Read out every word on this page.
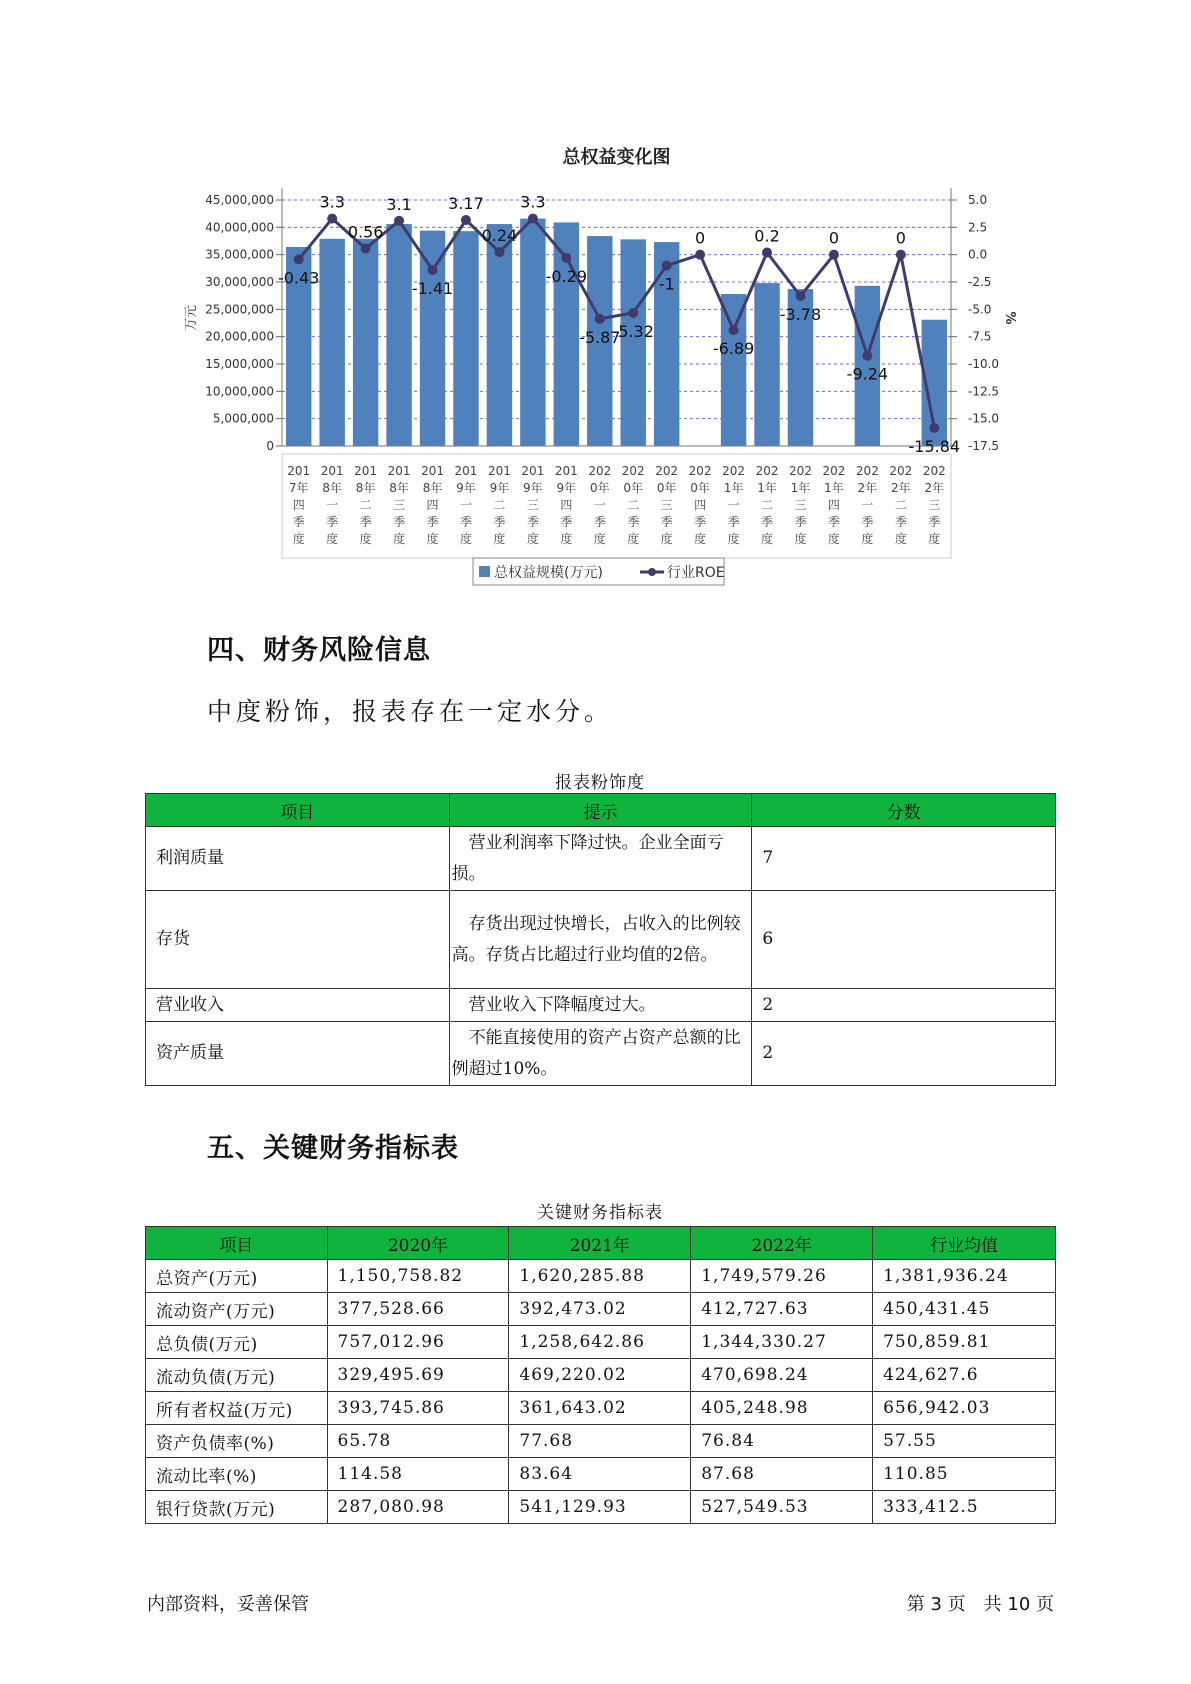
总权益变化图
0
5,000,000
10,000,000
15,000,000
20,000,000
25,000,000
30,000,000
35,000,000
40,000,000
45,000,000	5.0
2.5
0.0
-2.5
-5.0
-7.5
-10.0
-12.5
-15.0
-17.5
万元	%
201
7年
四
季
度
201
8年
一
季
度
201
8年
二
季
度
201
8年
三
季
度
201
8年
四
季
度
201
9年
一
季
度
201
9年
二
季
度
201
9年
三
季
度
201
9年
四
季
度
202
0年
一
季
度
202
0年
二
季
度
202
0年
三
季
度
202
0年
四
季
度
202
1年
一
季
度
202
1年
二
季
度
202
1年
三
季
度
202
1年
四
季
度
202
2年
一
季
度
202
2年
二
季
度
202
2年
三
季
度
-0.43
3.3
0.56
3.1
-1.41
3.17
0.24
3.3
-0.29
-5.87
-5.32
-1
0
-6.89
0.2
-3.78
0
-9.24
0
-15.84
总权益规模(万元)	行业ROE
四、财务风险信息
中度粉饰，报表存在一定水分。
报表粉饰度
项目	提示	分数
利润质量	　营业利润率下降过快。企业全面亏损。	7
存货	　存货出现过快增长，占收入的比例较高。存货占比超过行业均值的2倍。	6
营业收入	　营业收入下降幅度过大。	2
资产质量	　不能直接使用的资产占资产总额的比例超过10%。	2
五、关键财务指标表
关键财务指标表
项目	2020年	2021年	2022年	行业均值
总资产(万元)	1,150,758.82	1,620,285.88	1,749,579.26	1,381,936.24
流动资产(万元)	377,528.66	392,473.02	412,727.63	450,431.45
总负债(万元)	757,012.96	1,258,642.86	1,344,330.27	750,859.81
流动负债(万元)	329,495.69	469,220.02	470,698.24	424,627.6
所有者权益(万元)	393,745.86	361,643.02	405,248.98	656,942.03
资产负债率(%)	65.78	77.68	76.84	57.55
流动比率(%)	114.58	83.64	87.68	110.85
银行贷款(万元)	287,080.98	541,129.93	527,549.53	333,412.5
内部资料，妥善保管	第 3 页　共 10 页
